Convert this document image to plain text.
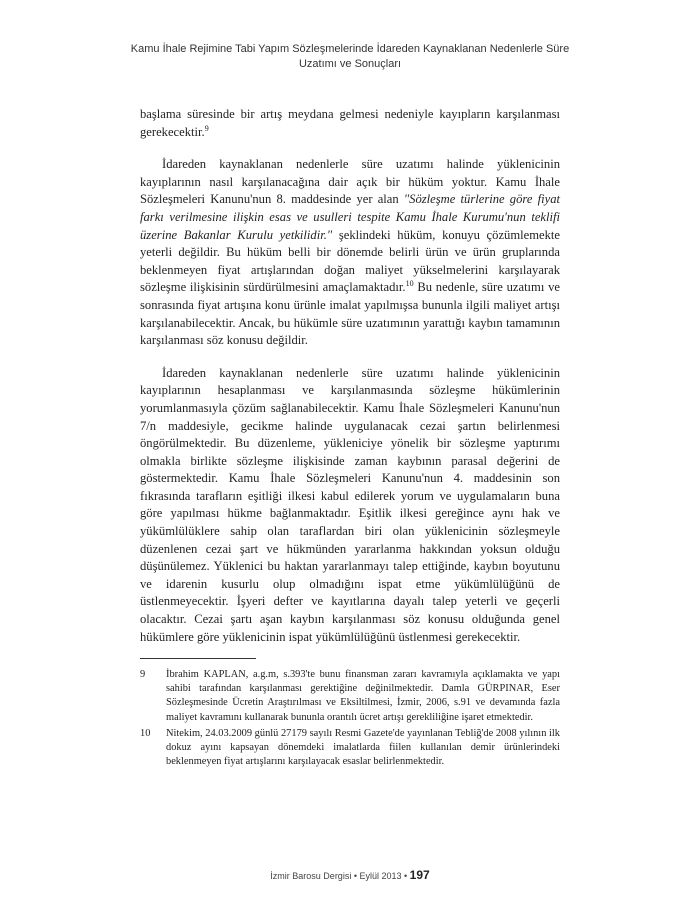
Kamu İhale Rejimine Tabi Yapım Sözleşmelerinde İdareden Kaynaklanan Nedenlerle Süre
Uzatımı ve Sonuçları

başlama süresinde bir artış meydana gelmesi nedeniyle kayıpların karşılanması gerekecektir.$^9$

İdareden kaynaklanan nedenlerle süre uzatımı halinde yüklenicinin kayıplarının nasıl karşılanacağına dair açık bir hüküm yoktur. Kamu İhale Sözleşmeleri Kanunu'nun 8. maddesinde yer alan "Sözleşme türlerine göre fiyat farkı verilmesine ilişkin esas ve usulleri tespite Kamu İhale Kurumu'nun teklifi üzerine Bakanlar Kurulu yetkilidir." şeklindeki hüküm, konuyu çözümlemekte yeterli değildir. Bu hüküm belli bir dönemde belirli ürün ve ürün gruplarında beklenmeyen fiyat artışlarından doğan maliyet yükselmelerini karşılayarak sözleşme ilişkisinin sürdürülmesini amaçlamaktadır.$^{10}$ Bu nedenle, süre uzatımı ve sonrasında fiyat artışına konu ürünle imalat yapılmışsa bununla ilgili maliyet artışı karşılanabilecektir. Ancak, bu hükümle süre uzatımının yarattığı kaybın tamamının karşılanması söz konusu değildir.

İdareden kaynaklanan nedenlerle süre uzatımı halinde yüklenicinin kayıplarının hesaplanması ve karşılanmasında sözleşme hükümlerinin yorumlanmasıyla çözüm sağlanabilecektir. Kamu İhale Sözleşmeleri Kanunu'nun 7/n maddesiyle, gecikme halinde uygulanacak cezai şartın belirlenmesi öngörülmektedir. Bu düzenleme, yükleniciye yönelik bir sözleşme yaptırımı olmakla birlikte sözleşme ilişkisinde zaman kaybının parasal değerini de göstermektedir. Kamu İhale Sözleşmeleri Kanunu'nun 4. maddesinin son fıkrasında tarafların eşitliği ilkesi kabul edilerek yorum ve uygulamaların buna göre yapılması hükme bağlanmaktadır. Eşitlik ilkesi gereğince aynı hak ve yükümlülüklere sahip olan taraflardan biri olan yüklenicinin sözleşmeyle düzenlenen cezai şart ve hükmünden yararlanma hakkından yoksun olduğu düşünülemez. Yüklenici bu haktan yararlanmayı talep ettiğinde, kaybın boyutunu ve idarenin kusurlu olup olmadığını ispat etme yükümlülüğünü de üstlenmeyecektir. İşyeri defter ve kayıtlarına dayalı talep yeterli ve geçerli olacaktır. Cezai şartı aşan kaybın karşılanması söz konusu olduğunda genel hükümlere göre yüklenicinin ispat yükümlülüğünü üstlenmesi gerekecektir.

9	İbrahim KAPLAN, a.g.m, s.393'te bunu finansman zararı kavramıyla açıklamakta ve yapı sahibi tarafından karşılanması gerektiğine değinilmektedir. Damla GÜRPINAR, Eser Sözleşmesinde Ücretin Araştırılması ve Eksiltilmesi, İzmir, 2006, s.91 ve devamında fazla maliyet kavramını kullanarak bununla orantılı ücret artışı gerekliliğine işaret etmektedir.
10	Nitekim, 24.03.2009 günlü 27179 sayılı Resmi Gazete'de yayınlanan Tebliğ'de 2008 yılının ilk dokuz ayını kapsayan dönemdeki imalatlarda fiilen kullanılan demir ürünlerindeki beklenmeyen fiyat artışlarını karşılayacak esaslar belirlenmektedir.
İzmir Barosu Dergisi • Eylül 2013 • 197
